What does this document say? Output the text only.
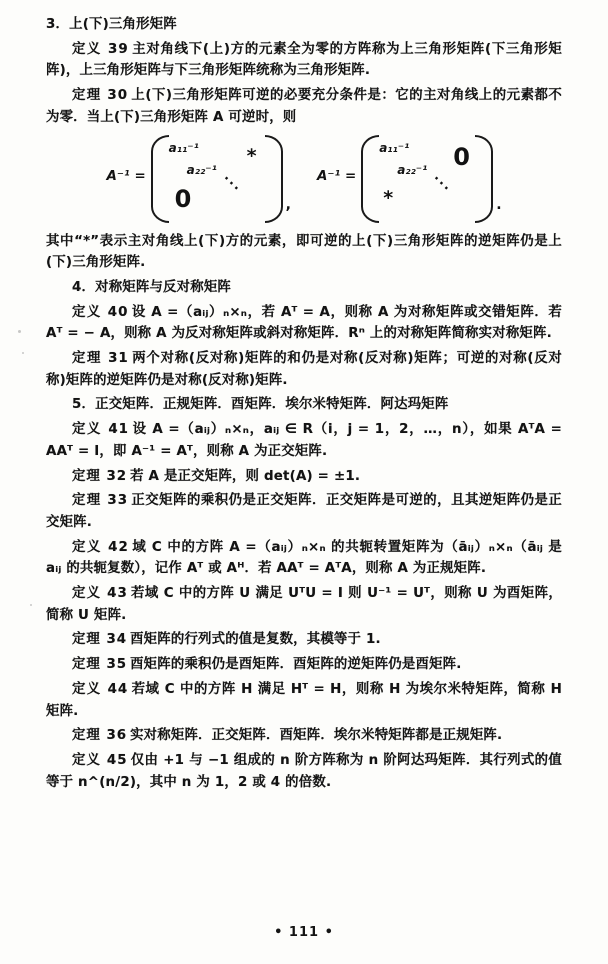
3．上(下)三角形矩阵

定义 39 主对角线下(上)方的元素全为零的方阵称为上三角形矩阵(下三角形矩阵)，上三角形矩阵与下三角形矩阵统称为三角形矩阵.

定理 30 上(下)三角形矩阵可逆的必要充分条件是：它的主对角线上的元素都不为零．当上(下)三角形矩阵 A 可逆时，则

A⁻¹ =
a₁₁⁻¹
a₂₂⁻¹
*
0
···
,
A⁻¹ =
a₁₁⁻¹
a₂₂⁻¹ 0
*
···
.

其中“*”表示主对角线上(下)方的元素，即可逆的上(下)三角形矩阵的逆矩阵仍是上(下)三角形矩阵.

4．对称矩阵与反对称矩阵

定义 40 设 A =（aᵢⱼ）ₙ×ₙ，若 Aᵀ = A，则称 A 为对称矩阵或交错矩阵．若 Aᵀ = − A，则称 A 为反对称矩阵或斜对称矩阵．Rⁿ 上的对称矩阵简称实对称矩阵.

定理 31 两个对称(反对称)矩阵的和仍是对称(反对称)矩阵；可逆的对称(反对称)矩阵的逆矩阵仍是对称(反对称)矩阵.

5．正交矩阵．正规矩阵．酉矩阵．埃尔米特矩阵．阿达玛矩阵

定义 41 设 A =（aᵢⱼ）ₙ×ₙ，aᵢⱼ ∈ R（i，j = 1，2，…，n），如果 AᵀA = AAᵀ = I，即 A⁻¹ = Aᵀ，则称 A 为正交矩阵.

定理 32 若 A 是正交矩阵，则 det(A) = ±1.

定理 33 正交矩阵的乘积仍是正交矩阵．正交矩阵是可逆的，且其逆矩阵仍是正交矩阵.

定义 42 域 C 中的方阵 A =（aᵢⱼ）ₙ×ₙ 的共轭转置矩阵为（āᵢⱼ）ₙ×ₙ（āᵢⱼ 是 aᵢⱼ 的共轭复数），记作 Aᵀ 或 Aᴴ．若 AAᵀ = AᵀA，则称 A 为正规矩阵.

定义 43 若域 C 中的方阵 U 满足 UᵀU = I 则 U⁻¹ = Uᵀ，则称 U 为酉矩阵，简称 U 矩阵.

定理 34 酉矩阵的行列式的值是复数，其模等于 1.

定理 35 酉矩阵的乘积仍是酉矩阵．酉矩阵的逆矩阵仍是酉矩阵.

定义 44 若域 C 中的方阵 H 满足 Hᵀ = H，则称 H 为埃尔米特矩阵，简称 H 矩阵.

定理 36 实对称矩阵．正交矩阵．酉矩阵．埃尔米特矩阵都是正规矩阵.

定义 45 仅由 +1 与 −1 组成的 n 阶方阵称为 n 阶阿达玛矩阵．其行列式的值等于 n^(n/2)，其中 n 为 1，2 或 4 的倍数.

• 111 •
